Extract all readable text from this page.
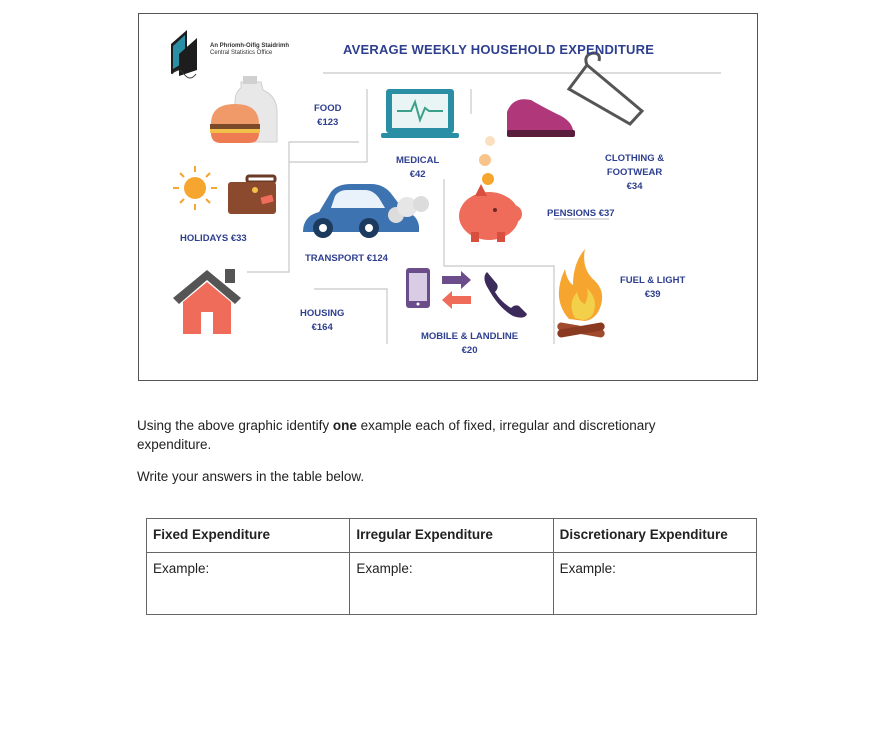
An Phríomh-Oifig Staidrimh
Central Statistics Office	AVERAGE WEEKLY HOUSEHOLD EXPENDITURE
FOOD
€123
MEDICAL
€42
CLOTHING &
FOOTWEAR
€34
HOLIDAYS €33
TRANSPORT €124
PENSIONS €37
FUEL & LIGHT
€39
HOUSING
€164
MOBILE & LANDLINE
€20
Using the above graphic identify one example each of fixed, irregular and discretionary expenditure.
Write your answers in the table below.
Fixed Expenditure	Irregular Expenditure	Discretionary Expenditure
Example:	Example:	Example:
